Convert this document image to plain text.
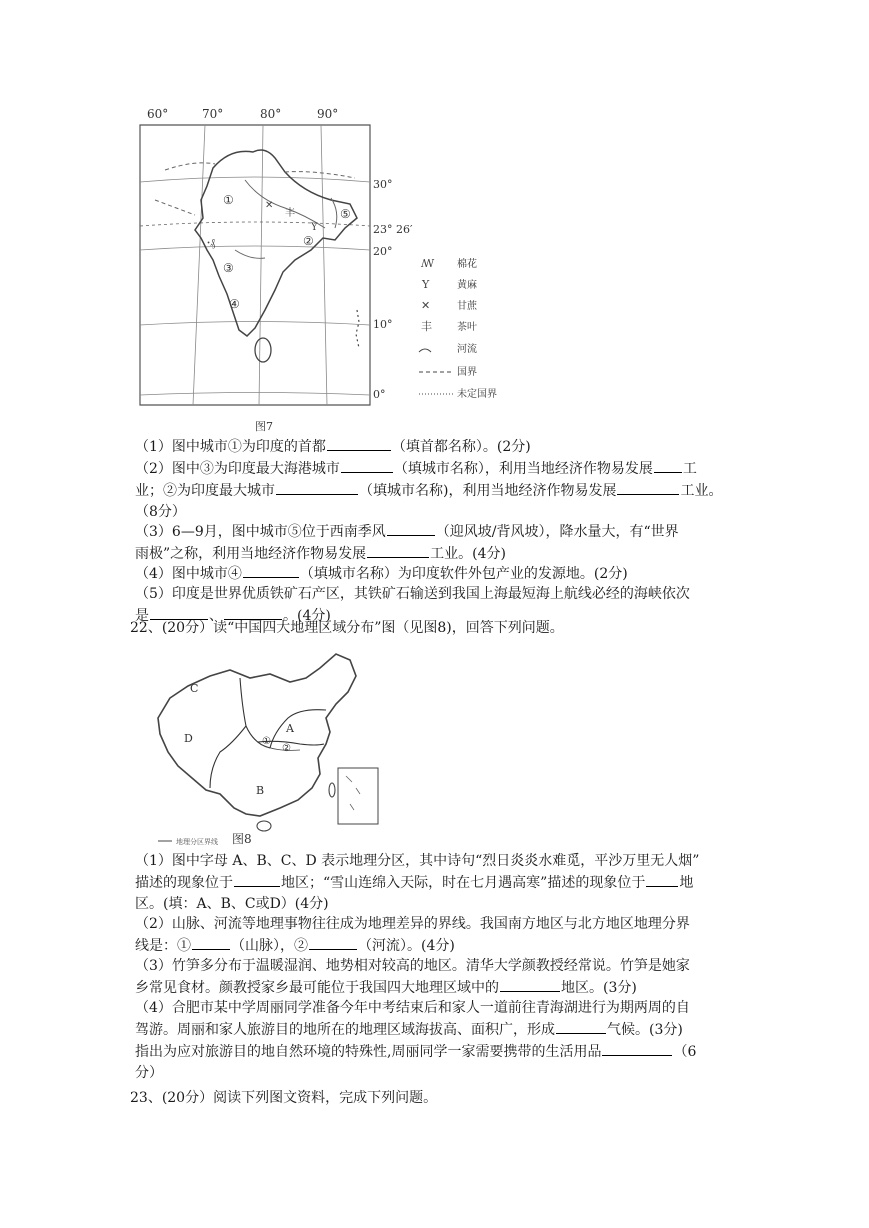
60°	70°	80°	90°
30°
23° 26′
20°
10°
0°
①
②
③
④
⑤
ꞏ₰
✕
丰
Y
ꟿ 棉花
Y	黄麻
✕	甘蔗
丰	茶叶
河流
国界
未定国界
图7
（1）图中城市①为印度的首都	（填首都名称）。(2分)
（2）图中③为印度最大海港城市	（填城市名称），利用当地经济作物易发展 工
业；②为印度最大城市	（填城市名称)，利用当地经济作物易发展	工业。
（8分）
（3）6—9月，图中城市⑤位于西南季风	（迎风坡/背风坡），降水量大，有“世界
雨极”之称，利用当地经济作物易发展	工业。(4分)
（4）图中城市④	（填城市名称）为印度软件外包产业的发源地。(2分)
（5）印度是世界优质铁矿石产区，其铁矿石输送到我国上海最短海上航线必经的海峡依次
是	、	。(4分)
22、(20分）读“中国四大地理区域分布”图（见图8)，回答下列问题。
C
D
A
B
①
②
地理分区界线 图8
（1）图中字母 A、B、C、D 表示地理分区，其中诗句“烈日炎炎水难觅，平沙万里无人烟”
描述的现象位于	地区；“雪山连绵入天际，时在七月遇高寒”描述的现象位于 地
区。(填：A、B、C或D）(4分)
（2）山脉、河流等地理事物往往成为地理差异的界线。我国南方地区与北方地区地理分界
线是：①	（山脉），②	（河流）。(4分)
（3）竹笋多分布于温暖湿润、地势相对较高的地区。清华大学颜教授经常说。竹笋是她家
乡常见食材。颜教授家乡最可能位于我国四大地理区域中的	地区。(3分)
（4）合肥市某中学周丽同学准备今年中考结束后和家人一道前往青海湖进行为期两周的自
驾游。周丽和家人旅游目的地所在的地理区域海拔高、面积广，形成	气候。(3分)
指出为应对旅游目的地自然环境的特殊性,周丽同学一家需要携带的生活用品	（6
分）
23、(20分）阅读下列图文资料，完成下列问题。
